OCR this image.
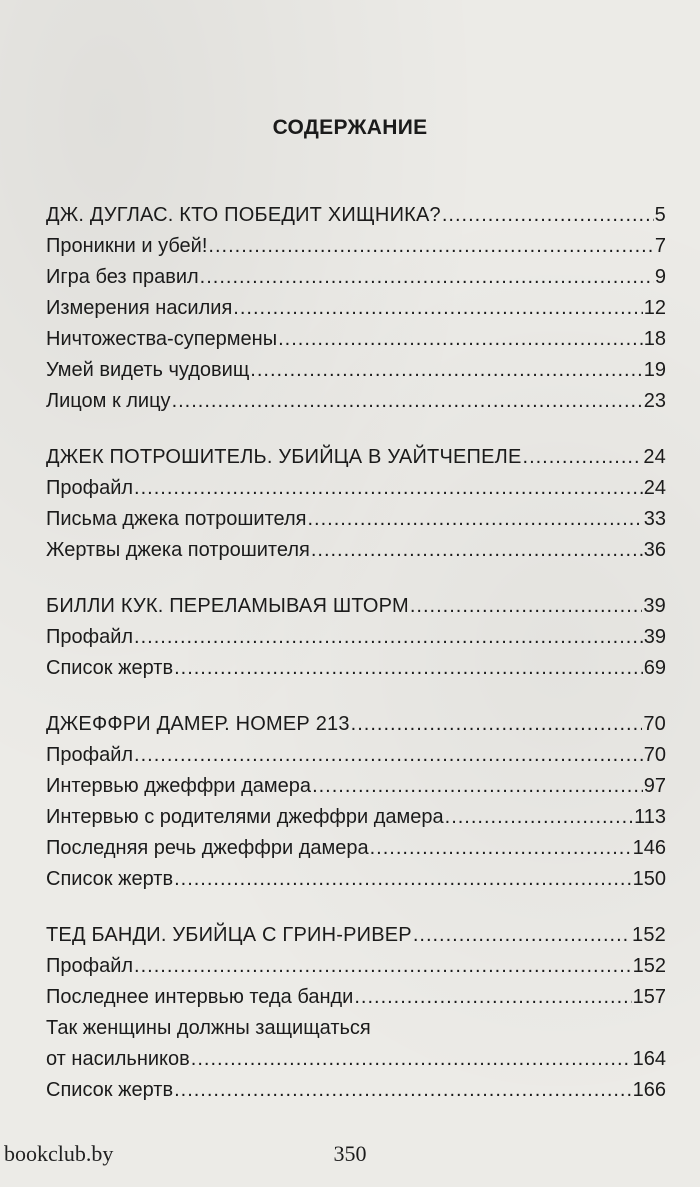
СОДЕРЖАНИЕ
ДЖ. ДУГЛАС. КТО ПОБЕДИТ ХИЩНИКА? .....	5
Проникни и убей! .....	7
Игра без правил .....	9
Измерения насилия .....	12
Ничтожества-супермены .....	18
Умей видеть чудовищ .....	19
Лицом к лицу .....	23
ДЖЕК ПОТРОШИТЕЛЬ. УБИЙЦА В УАЙТЧЕПЕЛЕ .....	24
Профайл .....	24
Письма джека потрошителя .....	33
Жертвы джека потрошителя .....	36
БИЛЛИ КУК. ПЕРЕЛАМЫВАЯ ШТОРМ .....	39
Профайл .....	39
Список жертв .....	69
ДЖЕФФРИ ДАМЕР. НОМЕР 213 .....	70
Профайл .....	70
Интервью джеффри дамера .....	97
Интервью с родителями джеффри дамера .....	113
Последняя речь джеффри дамера .....	146
Список жертв .....	150
ТЕД БАНДИ. УБИЙЦА С ГРИН-РИВЕР .....	152
Профайл .....	152
Последнее интервью теда банди .....	157
Так женщины должны защищаться
от насильников .....	164
Список жертв .....	166
bookclub.by	350
